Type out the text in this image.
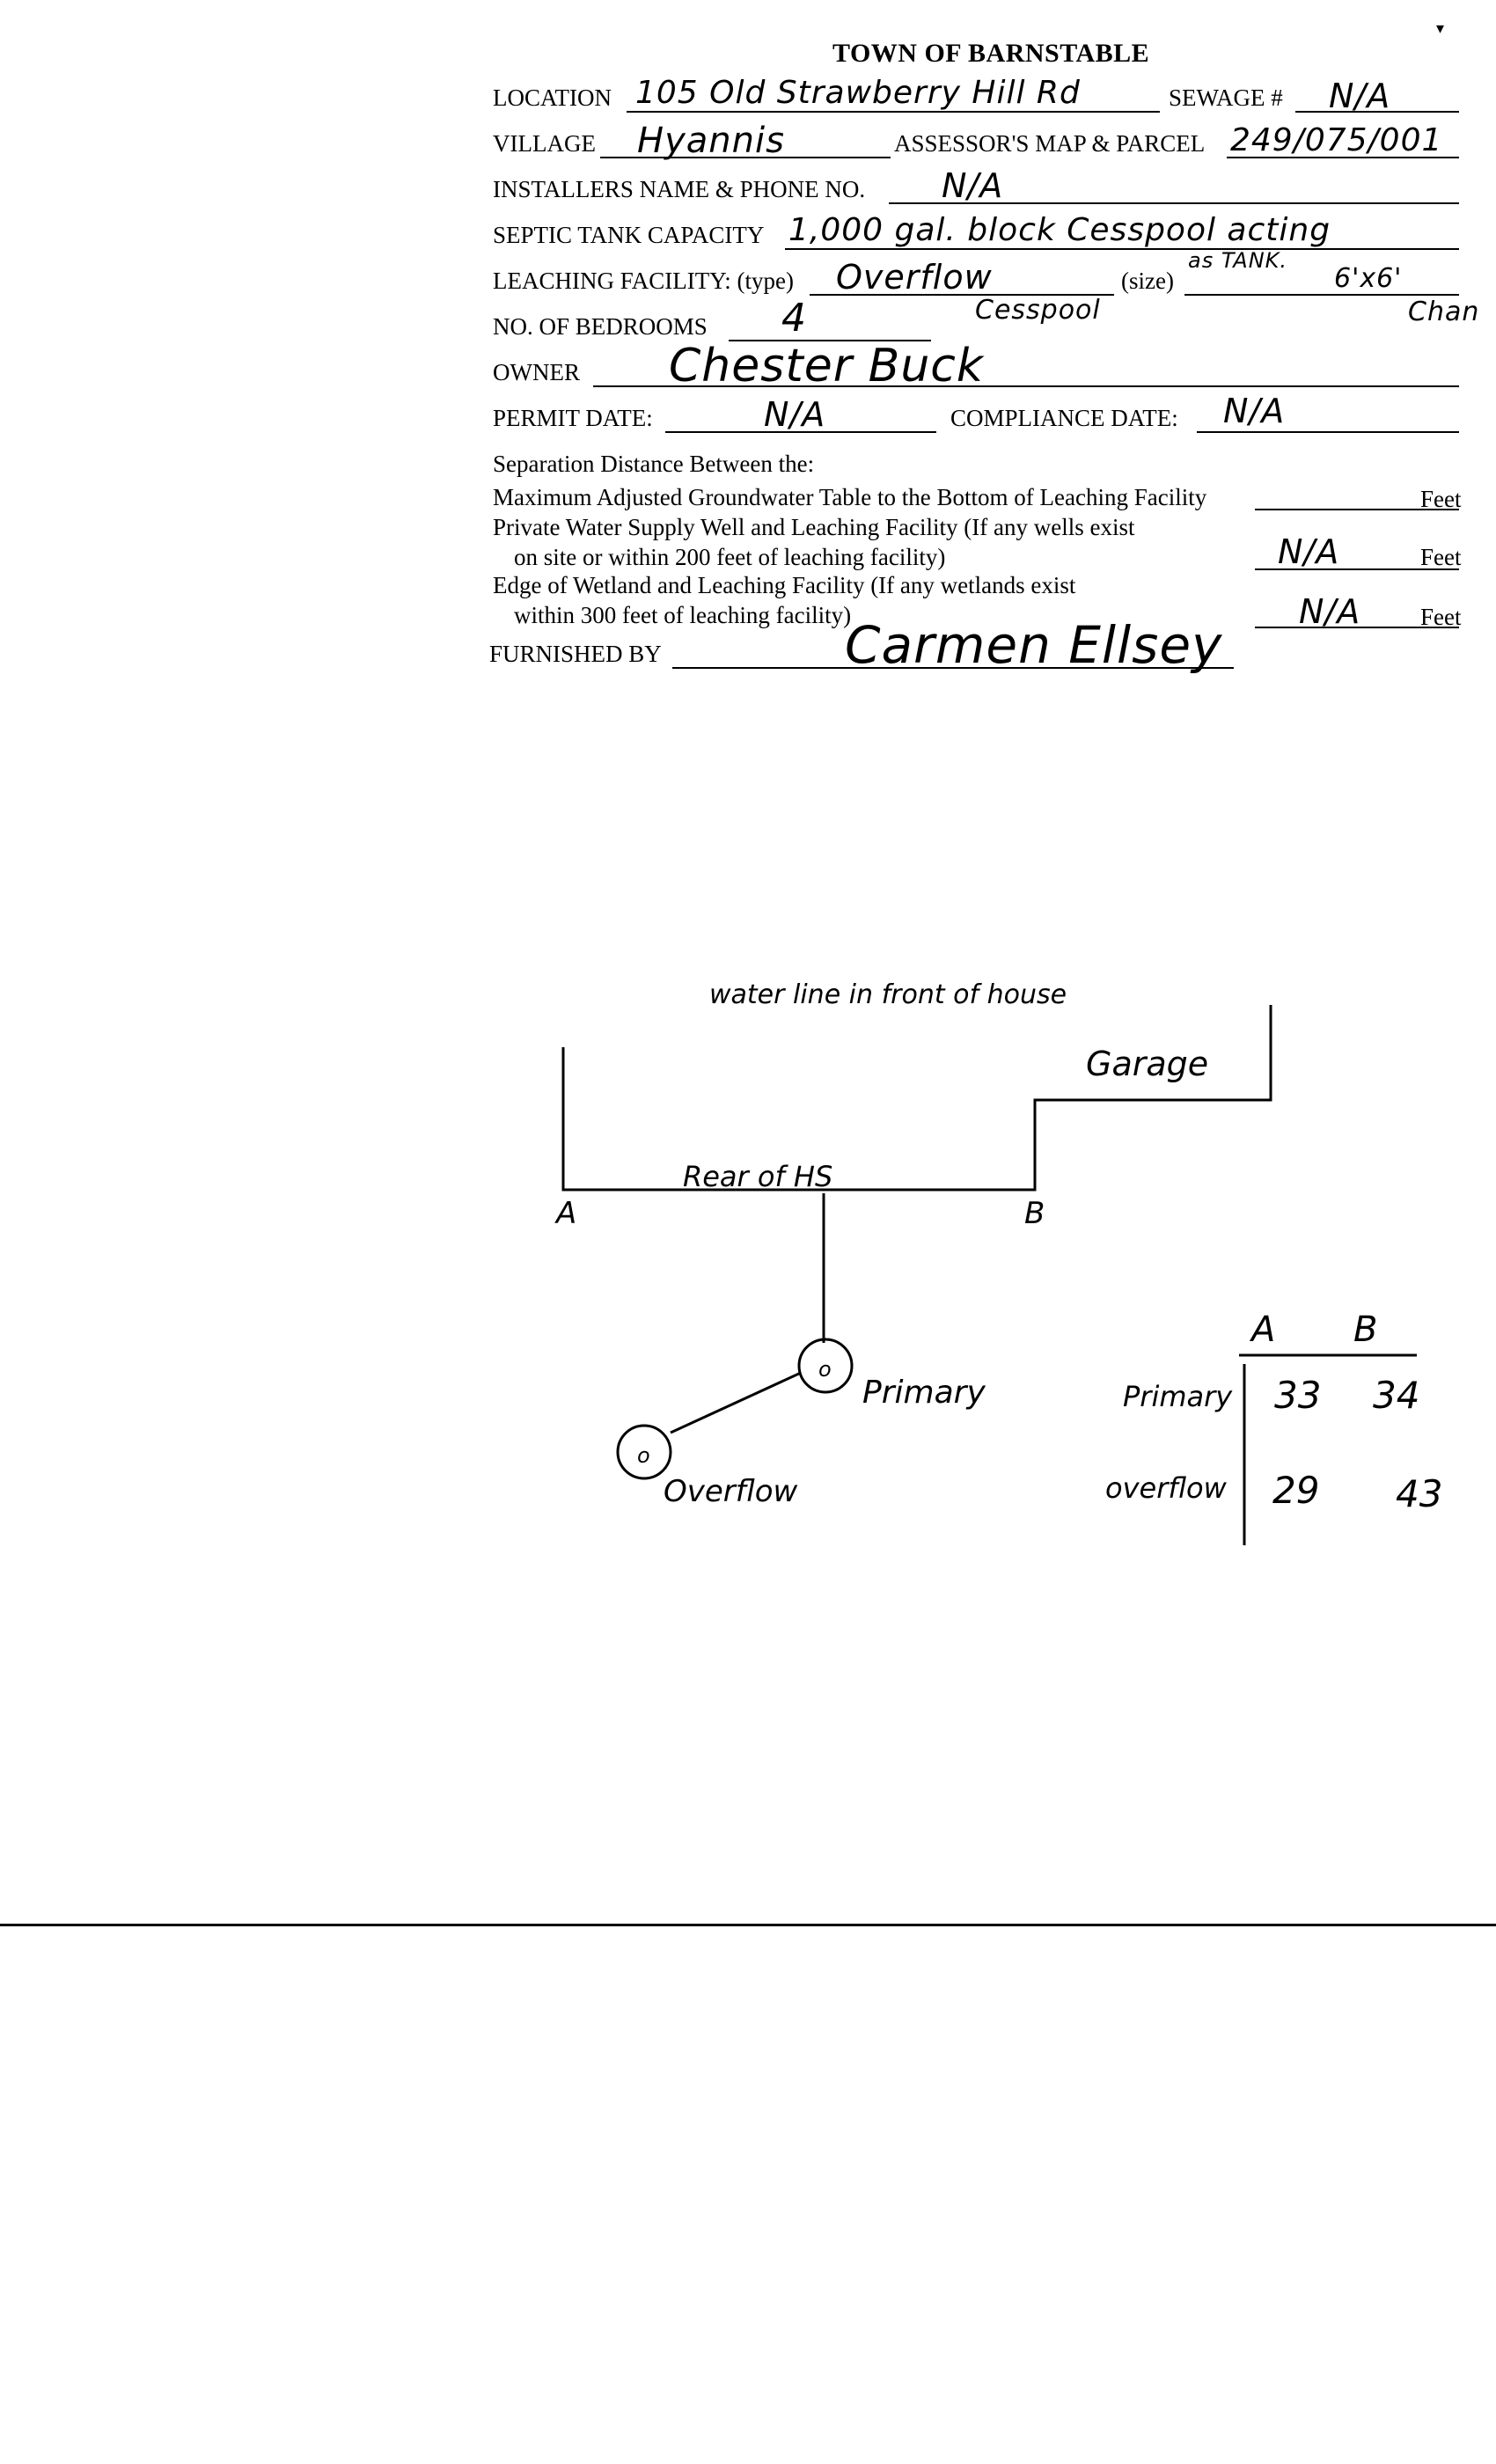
▾
TOWN OF BARNSTABLE
LOCATION 105 Old Strawberry Hill Rd	SEWAGE # N/A
VILLAGE Hyannis	ASSESSOR'S MAP & PARCEL 249/075/001
INSTALLERS NAME & PHONE NO. N/A
SEPTIC TANK CAPACITY 1,000 gal. block Cesspool acting
as TANK.
LEACHING FACILITY: (type) Overflow
Cesspool
(size)	6'x6'
Chan
NO. OF BEDROOMS 4
OWNER Chester Buck
PERMIT DATE:	N/A	COMPLIANCE DATE: N/A
Separation Distance Between the:
Maximum Adjusted Groundwater Table to the Bottom of Leaching Facility	Feet
Private Water Supply Well and Leaching Facility (If any wells exist
on site or within 200 feet of leaching facility)	N/A	Feet
Edge of Wetland and Leaching Facility (If any wetlands exist
within 300 feet of leaching facility)	N/A	Feet
FURNISHED BY	Carmen Ellsey
water line in front of house
Garage
Rear of HS
A	B
o
o
Primary
Overflow
A B
Primary 33 34
overflow 29 43
